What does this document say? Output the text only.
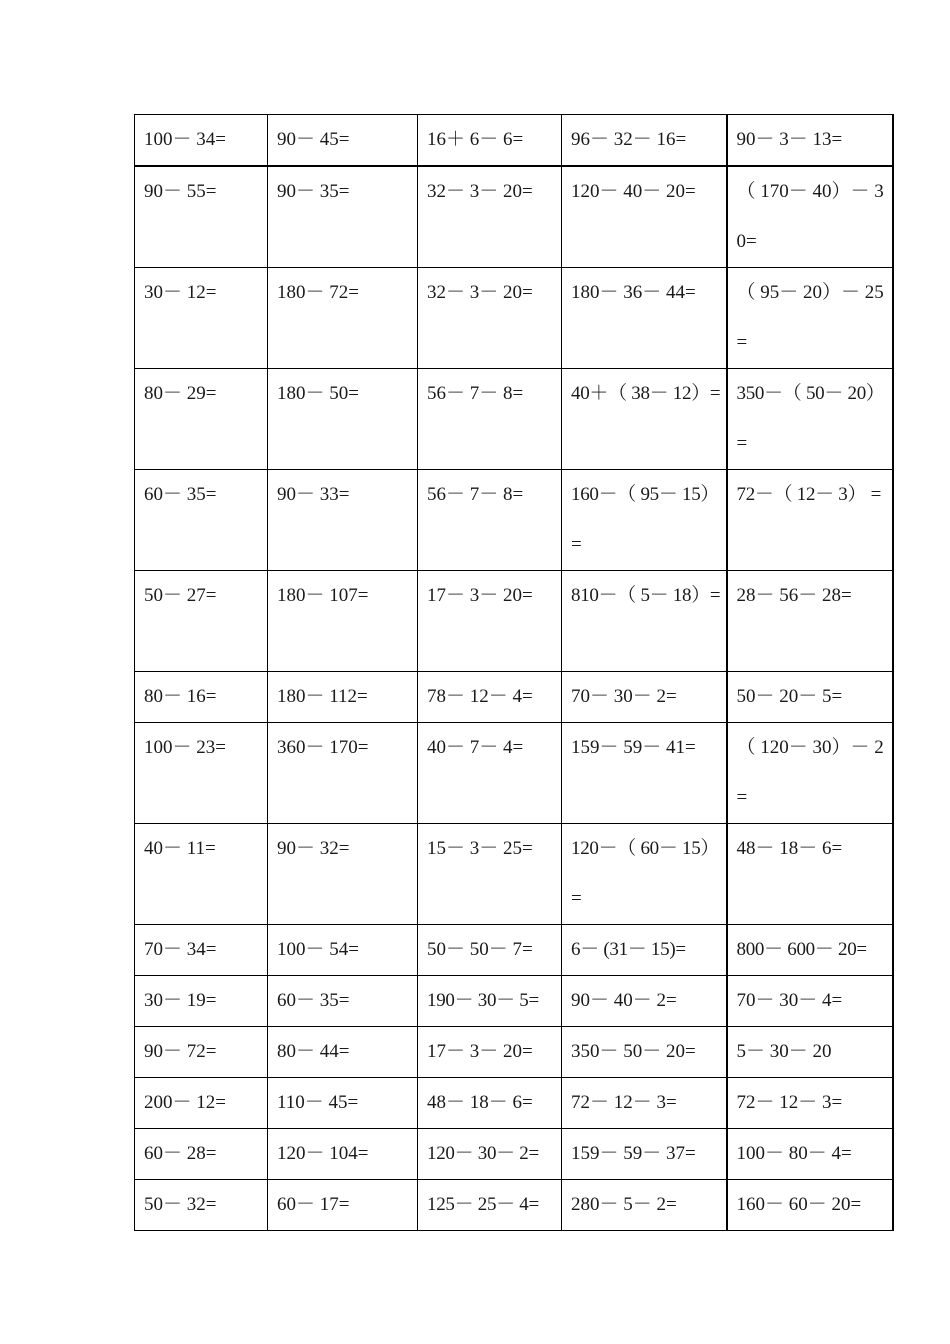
100－ 34=	90－ 45=	16＋ 6－ 6=	96－ 32－ 16=	90－ 3－ 13=
90－ 55=	90－ 35=	32－ 3－ 20=	120－ 40－ 20=	（ 170－ 40）－ 30=
30－ 12=	180－ 72=	32－ 3－ 20=	180－ 36－ 44=	（ 95－ 20）－ 25=
80－ 29=	180－ 50=	56－ 7－ 8=	40＋（ 38－ 12）=	350－（ 50－ 20）=
60－ 35=	90－ 33=	56－ 7－ 8=	160－（ 95－ 15）=	72－（ 12－ 3） =
50－ 27=	180－ 107=	17－ 3－ 20=	810－（ 5－ 18）=	28－ 56－ 28=
80－ 16=	180－ 112=	78－ 12－ 4=	70－ 30－ 2=	50－ 20－ 5=
100－ 23=	360－ 170=	40－ 7－ 4=	159－ 59－ 41=	（ 120－ 30）－ 2=
40－ 11=	90－ 32=	15－ 3－ 25=	120－（ 60－ 15）=	48－ 18－ 6=
70－ 34=	100－ 54=	50－ 50－ 7=	6－ (31－ 15)=	800－ 600－ 20=
30－ 19=	60－ 35=	190－ 30－ 5=	90－ 40－ 2=	70－ 30－ 4=
90－ 72=	80－ 44=	17－ 3－ 20=	350－ 50－ 20=	5－ 30－ 20
200－ 12=	110－ 45=	48－ 18－ 6=	72－ 12－ 3=	72－ 12－ 3=
60－ 28=	120－ 104=	120－ 30－ 2=	159－ 59－ 37=	100－ 80－ 4=
50－ 32=	60－ 17=	125－ 25－ 4=	280－ 5－ 2=	160－ 60－ 20=
